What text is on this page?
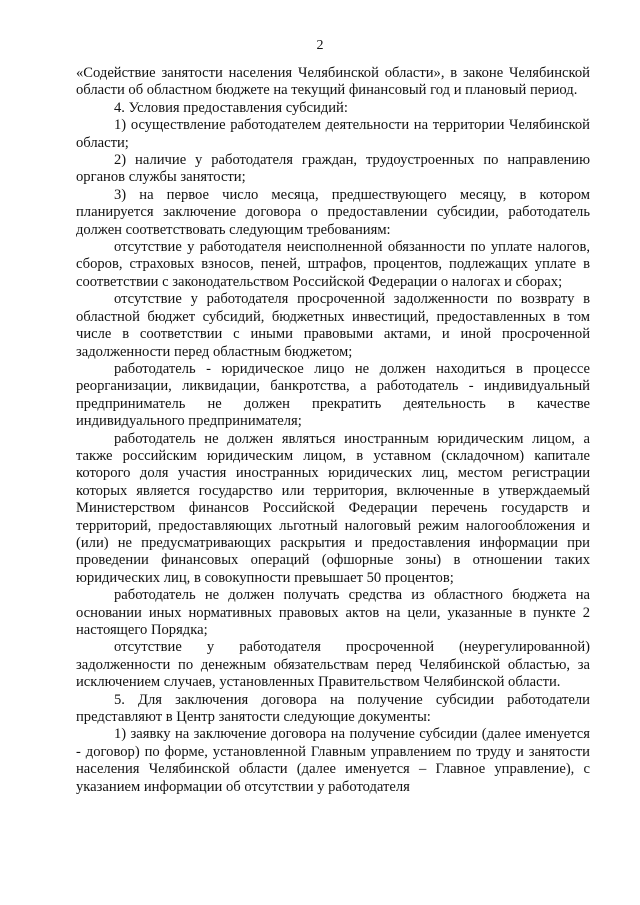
2

«Содействие занятости населения Челябинской области», в законе Челябинской области об областном бюджете на текущий финансовый год и плановый период.

4. Условия предоставления субсидий:

1) осуществление работодателем деятельности на территории Челябинской области;

2) наличие у работодателя граждан, трудоустроенных по направлению органов службы занятости;

3) на первое число месяца, предшествующего месяцу, в котором планируется заключение договора о предоставлении субсидии, работодатель должен соответствовать следующим требованиям:

отсутствие у работодателя неисполненной обязанности по уплате налогов, сборов, страховых взносов, пеней, штрафов, процентов, подлежащих уплате в соответствии с законодательством Российской Федерации о налогах и сборах;

отсутствие у работодателя просроченной задолженности по возврату в областной бюджет субсидий, бюджетных инвестиций, предоставленных в том числе в соответствии с иными правовыми актами, и иной просроченной задолженности перед областным бюджетом;

работодатель - юридическое лицо не должен находиться в процессе реорганизации, ликвидации, банкротства, а работодатель - индивидуальный предприниматель не должен прекратить деятельность в качестве индивидуального предпринимателя;

работодатель не должен являться иностранным юридическим лицом, а также российским юридическим лицом, в уставном (складочном) капитале которого доля участия иностранных юридических лиц, местом регистрации которых является государство или территория, включенные в утверждаемый Министерством финансов Российской Федерации перечень государств и территорий, предоставляющих льготный налоговый режим налогообложения и (или) не предусматривающих раскрытия и предоставления информации при проведении финансовых операций (офшорные зоны) в отношении таких юридических лиц, в совокупности превышает 50 процентов;

работодатель не должен получать средства из областного бюджета на основании иных нормативных правовых актов на цели, указанные в пункте 2 настоящего Порядка;

отсутствие у работодателя просроченной (неурегулированной) задолженности по денежным обязательствам перед Челябинской областью, за исключением случаев, установленных Правительством Челябинской области.

5. Для заключения договора на получение субсидии работодатели представляют в Центр занятости следующие документы:

1) заявку на заключение договора на получение субсидии (далее именуется - договор) по форме, установленной Главным управлением по труду и занятости населения Челябинской области (далее именуется – Главное управление), с указанием информации об отсутствии у работодателя
